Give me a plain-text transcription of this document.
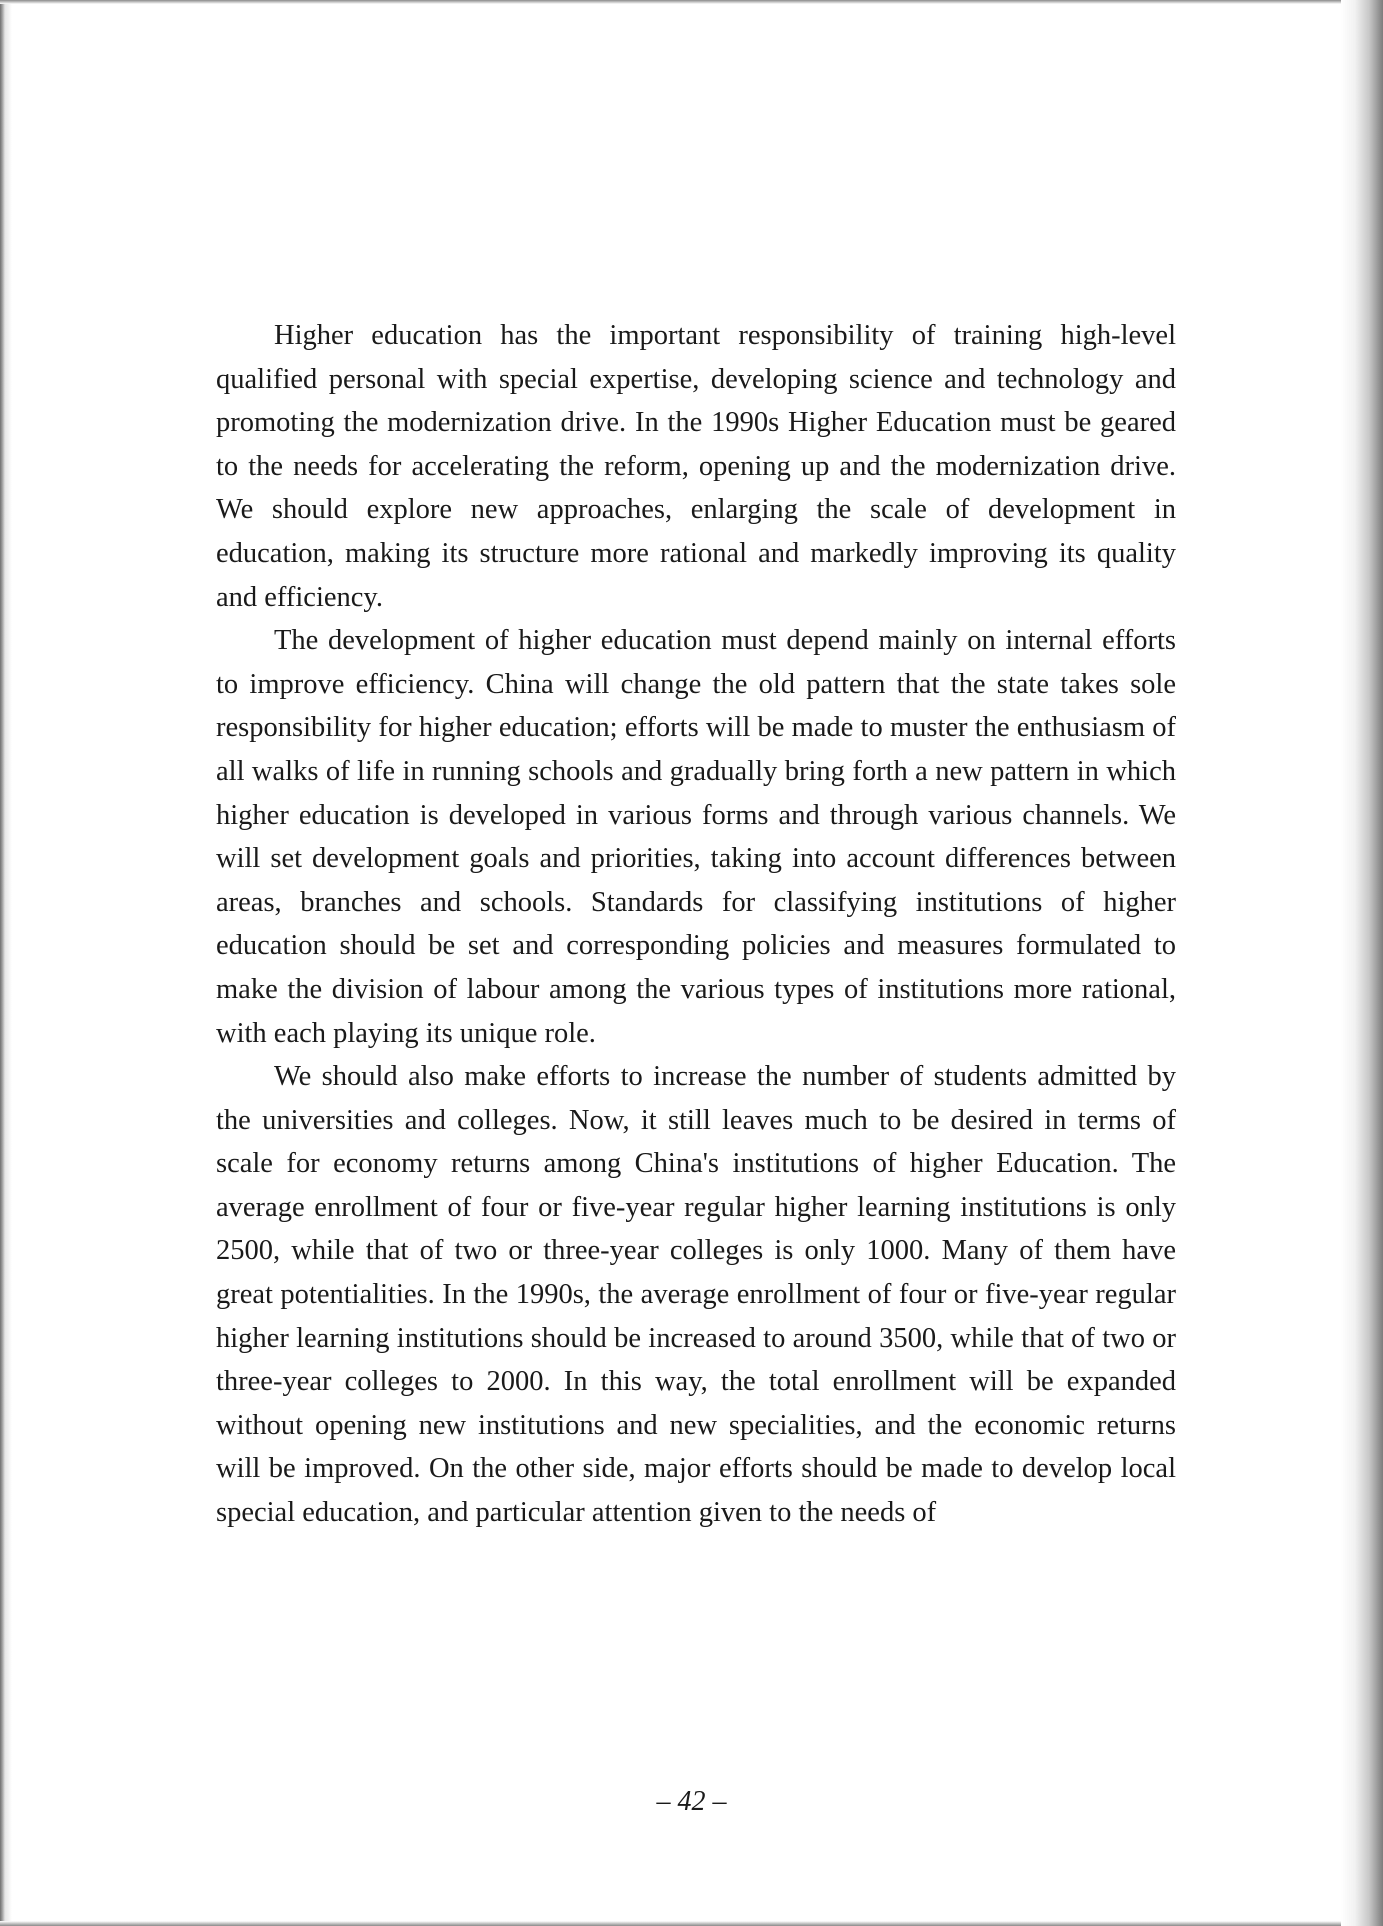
Higher education has the important responsibility of training high-level qualified personal with special expertise, developing science and technology and promoting the modernization drive. In the 1990s Higher Education must be geared to the needs for accelerating the reform, opening up and the modernization drive. We should explore new approaches, enlarging the scale of development in education, making its structure more rational and markedly improving its quality and efficiency.

The development of higher education must depend mainly on internal efforts to improve efficiency. China will change the old pattern that the state takes sole responsibility for higher education; efforts will be made to muster the enthusiasm of all walks of life in running schools and gradually bring forth a new pattern in which higher education is developed in various forms and through various channels. We will set development goals and priorities, taking into account differences between areas, branches and schools. Standards for classifying institutions of higher education should be set and corresponding policies and measures formulated to make the division of labour among the various types of institutions more rational, with each playing its unique role.

We should also make efforts to increase the number of students admitted by the universities and colleges. Now, it still leaves much to be desired in terms of scale for economy returns among China's institutions of higher Education. The average enrollment of four or five-year regular higher learning institutions is only 2500, while that of two or three-year colleges is only 1000. Many of them have great potentialities. In the 1990s, the average enrollment of four or five-year regular higher learning institutions should be increased to around 3500, while that of two or three-year colleges to 2000. In this way, the total enrollment will be expanded without opening new institutions and new specialities, and the economic returns will be improved. On the other side, major efforts should be made to develop local special education, and particular attention given to the needs of

– 42 –
